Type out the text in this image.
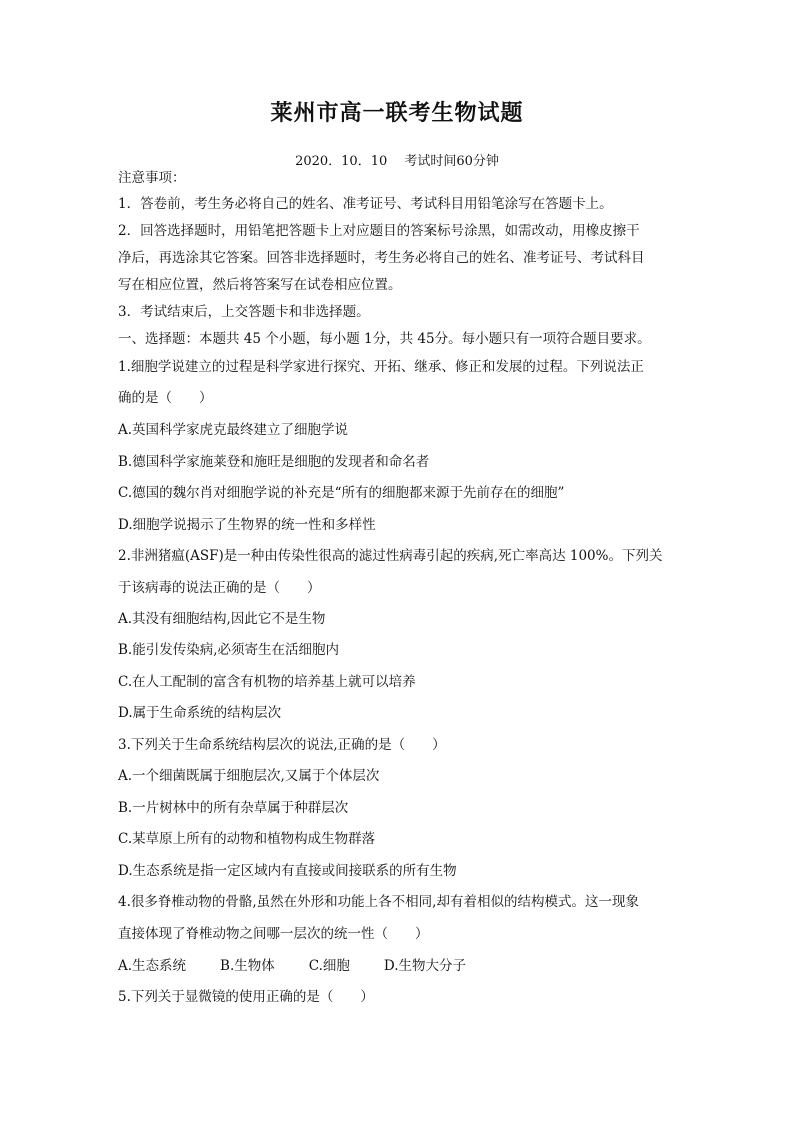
莱州市高一联考生物试题
2020．10．10　 考试时间60分钟
注意事项：
1．答卷前，考生务必将自己的姓名、准考证号、考试科目用铅笔涂写在答题卡上。
2．回答选择题时，用铅笔把答题卡上对应题目的答案标号涂黑，如需改动，用橡皮擦干
净后，再选涂其它答案。回答非选择题时，考生务必将自己的姓名、准考证号、考试科目
写在相应位置，然后将答案写在试卷相应位置。
3．考试结束后，上交答题卡和非选择题。
一、选择题：本题共 45 个小题，每小题 1分，共 45分。每小题只有一项符合题目要求。
1.细胞学说建立的过程是科学家进行探究、开拓、继承、修正和发展的过程。下列说法正
确的是（　　）
A.英国科学家虎克最终建立了细胞学说
B.德国科学家施莱登和施旺是细胞的发现者和命名者
C.德国的魏尔肖对细胞学说的补充是“所有的细胞都来源于先前存在的细胞”
D.细胞学说揭示了生物界的统一性和多样性
2.非洲猪瘟(ASF)是一种由传染性很高的滤过性病毒引起的疾病,死亡率高达 100%。下列关
于该病毒的说法正确的是（　　）
A.其没有细胞结构,因此它不是生物
B.能引发传染病,必须寄生在活细胞内
C.在人工配制的富含有机物的培养基上就可以培养
D.属于生命系统的结构层次
3.下列关于生命系统结构层次的说法,正确的是（　　）
A.一个细菌既属于细胞层次,又属于个体层次
B.一片树林中的所有杂草属于种群层次
C.某草原上所有的动物和植物构成生物群落
D.生态系统是指一定区域内有直接或间接联系的所有生物
4.很多脊椎动物的骨骼,虽然在外形和功能上各不相同,却有着相似的结构模式。这一现象
直接体现了脊椎动物之间哪一层次的统一性（　　）
A.生态系统	B.生物体	C.细胞	D.生物大分子
5.下列关于显微镜的使用正确的是（　　）
